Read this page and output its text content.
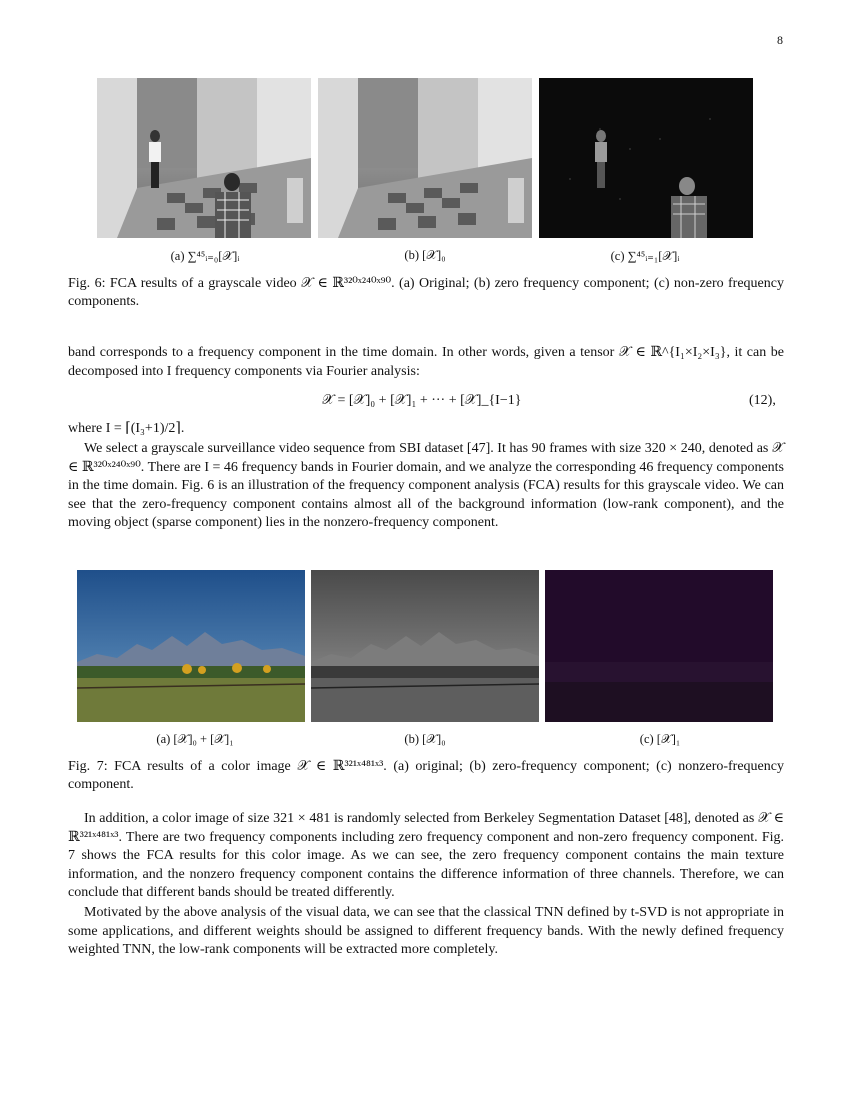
8
(a) ∑⁴⁵ᵢ₌₀[𝒳]ᵢ	(b) [𝒳]₀	(c) ∑⁴⁵ᵢ₌₁[𝒳]ᵢ
Fig. 6: FCA results of a grayscale video 𝒳 ∈ ℝ³²⁰ˣ²⁴⁰ˣ⁹⁰. (a) Original; (b) zero frequency component; (c) non-zero frequency components.
band corresponds to a frequency component in the time domain. In other words, given a tensor 𝒳 ∈ ℝ^{I₁×I₂×I₃}, it can be decomposed into I frequency components via Fourier analysis:
𝒳 = [𝒳]₀ + [𝒳]₁ + ··· + [𝒳]_{I−1}	(12),
where I = ⌈(I₃+1)/2⌉.
We select a grayscale surveillance video sequence from SBI dataset [47]. It has 90 frames with size 320 × 240, denoted as 𝒳 ∈ ℝ³²⁰ˣ²⁴⁰ˣ⁹⁰. There are I = 46 frequency bands in Fourier domain, and we analyze the corresponding 46 frequency components in the time domain. Fig. 6 is an illustration of the frequency component analysis (FCA) results for this grayscale video. We can see that the zero-frequency component contains almost all of the background information (low-rank component), and the moving object (sparse component) lies in the nonzero-frequency component.
(a) [𝒳]₀ + [𝒳]₁	(b) [𝒳]₀	(c) [𝒳]₁
Fig. 7: FCA results of a color image 𝒳 ∈ ℝ³²¹ˣ⁴⁸¹ˣ³. (a) original; (b) zero-frequency component; (c) nonzero-frequency component.
In addition, a color image of size 321 × 481 is randomly selected from Berkeley Segmentation Dataset [48], denoted as 𝒳 ∈ ℝ³²¹ˣ⁴⁸¹ˣ³. There are two frequency components including zero frequency component and non-zero frequency component. Fig. 7 shows the FCA results for this color image. As we can see, the zero frequency component contains the main texture information, and the nonzero frequency component contains the difference information of three channels. Therefore, we can conclude that different bands should be treated differently.
Motivated by the above analysis of the visual data, we can see that the classical TNN defined by t-SVD is not appropriate in some applications, and different weights should be assigned to different frequency bands. With the newly defined frequency weighted TNN, the low-rank components will be extracted more completely.
